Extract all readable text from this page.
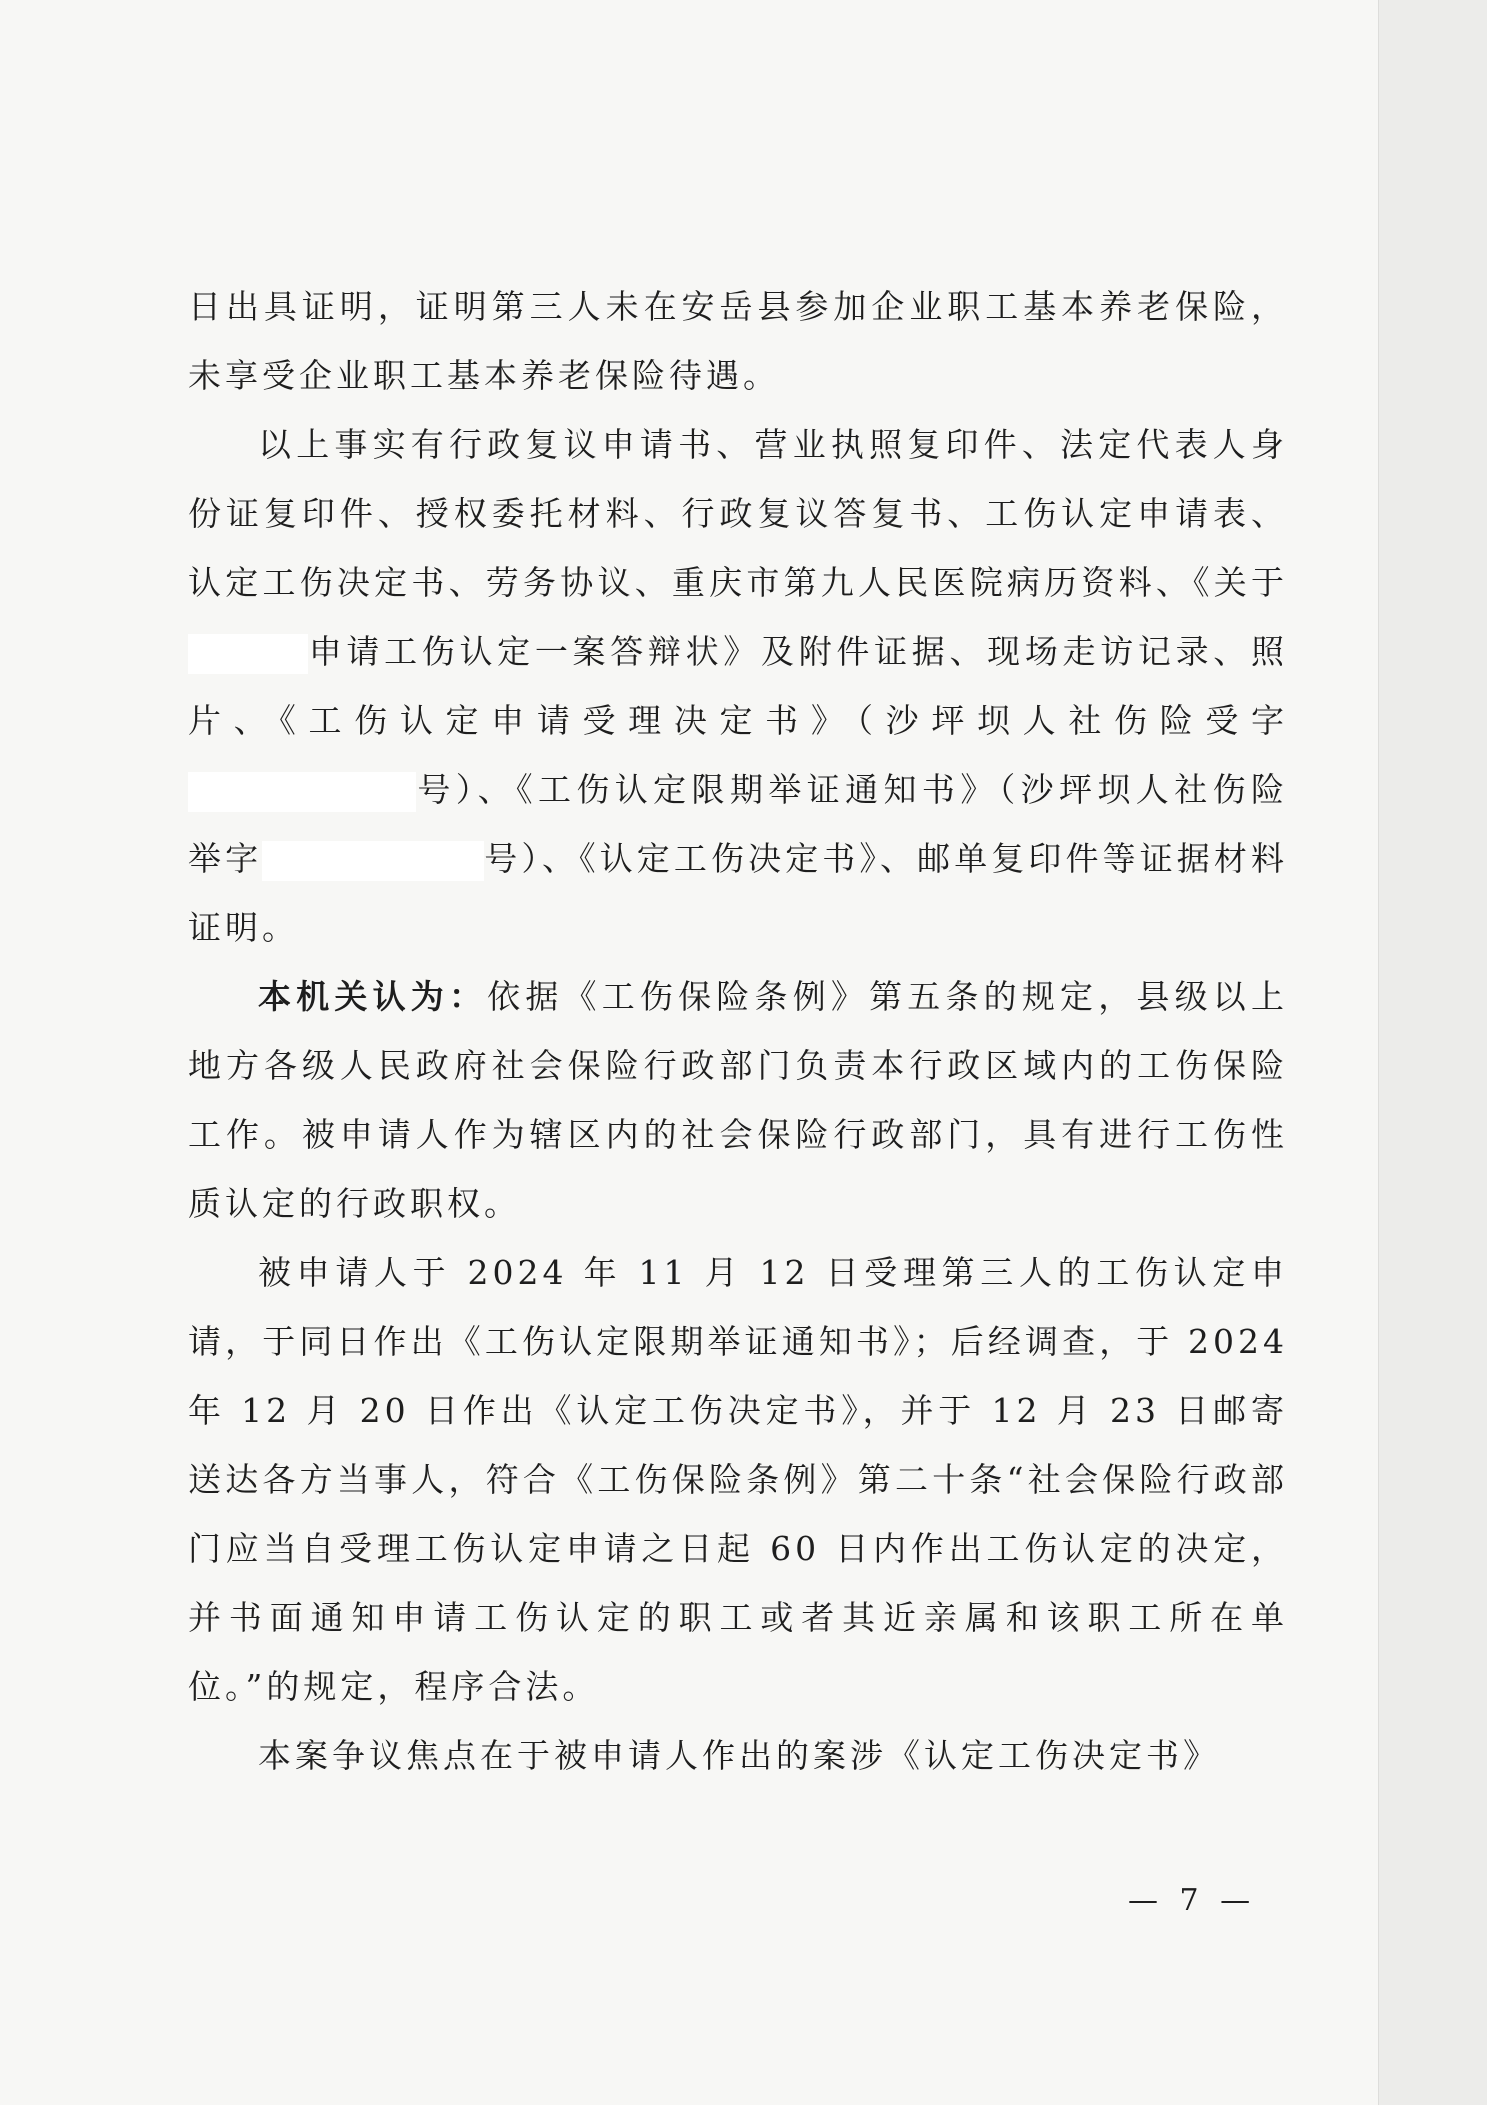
日出具证明，证明第三人未在安岳县参加企业职工基本养老保险，未享受企业职工基本养老保险待遇。

以上事实有行政复议申请书、营业执照复印件、法定代表人身份证复印件、授权委托材料、行政复议答复书、工伤认定申请表、认定工伤决定书、劳务协议、重庆市第九人民医院病历资料、《关于申请工伤认定一案答辩状》及附件证据、现场走访记录、照片、《工伤认定申请受理决定书》（沙坪坝人社伤险受字号）、《工伤认定限期举证通知书》（沙坪坝人社伤险举字	号）、《认定工伤决定书》、邮单复印件等证据材料证明。

本机关认为：依据《工伤保险条例》第五条的规定，县级以上地方各级人民政府社会保险行政部门负责本行政区域内的工伤保险工作。被申请人作为辖区内的社会保险行政部门，具有进行工伤性质认定的行政职权。

被申请人于 2024 年 11 月 12 日受理第三人的工伤认定申请，于同日作出《工伤认定限期举证通知书》；后经调查，于 2024 年 12 月 20 日作出《认定工伤决定书》，并于 12 月 23 日邮寄送达各方当事人，符合《工伤保险条例》第二十条“社会保险行政部门应当自受理工伤认定申请之日起 60 日内作出工伤认定的决定，并书面通知申请工伤认定的职工或者其近亲属和该职工所在单位。”的规定，程序合法。

本案争议焦点在于被申请人作出的案涉《认定工伤决定书》

— 7 —
